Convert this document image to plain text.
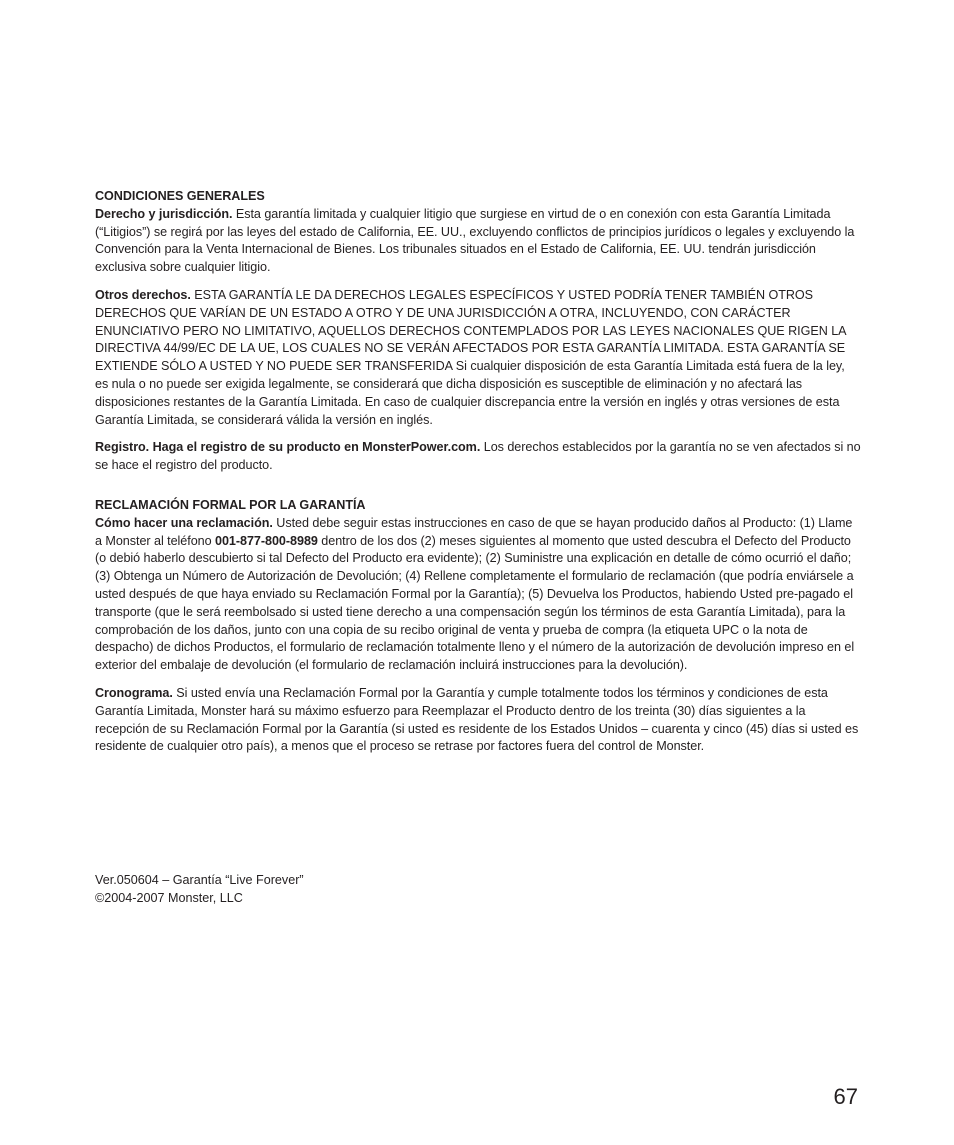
CONDICIONES GENERALES

Derecho y jurisdicción. Esta garantía limitada y cualquier litigio que surgiese en virtud de o en conexión con esta Garantía Limitada (“Litigios”) se regirá por las leyes del estado de California, EE. UU., excluyendo conflictos de principios jurídicos o legales y excluyendo la Convención para la Venta Internacional de Bienes. Los tribunales situados en el Estado de California, EE. UU. tendrán jurisdicción exclusiva sobre cualquier litigio.

Otros derechos. ESTA GARANTÍA LE DA DERECHOS LEGALES ESPECÍFICOS Y USTED PODRÍA TENER TAMBIÉN OTROS DERECHOS QUE VARÍAN DE UN ESTADO A OTRO Y DE UNA JURISDICCIÓN A OTRA, INCLUYENDO, CON CARÁCTER ENUNCIATIVO PERO NO LIMITATIVO, AQUELLOS DERECHOS CONTEMPLADOS POR LAS LEYES NACIONALES QUE RIGEN LA DIRECTIVA 44/99/EC DE LA UE, LOS CUALES NO SE VERÁN AFECTADOS POR ESTA GARANTÍA LIMITADA. ESTA GARANTÍA SE EXTIENDE SÓLO A USTED Y NO PUEDE SER TRANSFERIDA Si cualquier disposición de esta Garantía Limitada está fuera de la ley, es nula o no puede ser exigida legalmente, se considerará que dicha disposición es susceptible de eliminación y no afectará las disposiciones restantes de la Garantía Limitada. En caso de cualquier discrepancia entre la versión en inglés y otras versiones de esta Garantía Limitada, se considerará válida la versión en inglés.

Registro. Haga el registro de su producto en MonsterPower.com. Los derechos establecidos por la garantía no se ven afectados si no se hace el registro del producto.

RECLAMACIÓN FORMAL POR LA GARANTÍA

Cómo hacer una reclamación. Usted debe seguir estas instrucciones en caso de que se hayan producido daños al Producto: (1) Llame a Monster al teléfono 001-877-800-8989 dentro de los dos (2) meses siguientes al momento que usted descubra el Defecto del Producto (o debió haberlo descubierto si tal Defecto del Producto era evidente); (2) Suministre una explicación en detalle de cómo ocurrió el daño; (3) Obtenga un Número de Autorización de Devolución; (4) Rellene completamente el formulario de reclamación (que podría enviársele a usted después de que haya enviado su Reclamación Formal por la Garantía); (5) Devuelva los Productos, habiendo Usted pre-pagado el transporte (que le será reembolsado si usted tiene derecho a una compensación según los términos de esta Garantía Limitada), para la comprobación de los daños, junto con una copia de su recibo original de venta y prueba de compra (la etiqueta UPC o la nota de despacho) de dichos Productos, el formulario de reclamación totalmente lleno y el número de la autorización de devolución impreso en el exterior del embalaje de devolución (el formulario de reclamación incluirá instrucciones para la devolución).

Cronograma. Si usted envía una Reclamación Formal por la Garantía y cumple totalmente todos los términos y condiciones de esta Garantía Limitada, Monster hará su máximo esfuerzo para Reemplazar el Producto dentro de los treinta (30) días siguientes a la recepción de su Reclamación Formal por la Garantía (si usted es residente de los Estados Unidos – cuarenta y cinco (45) días si usted es residente de cualquier otro país), a menos que el proceso se retrase por factores fuera del control de Monster.

Ver.050604 – Garantía “Live Forever”

©2004-2007 Monster, LLC

67
